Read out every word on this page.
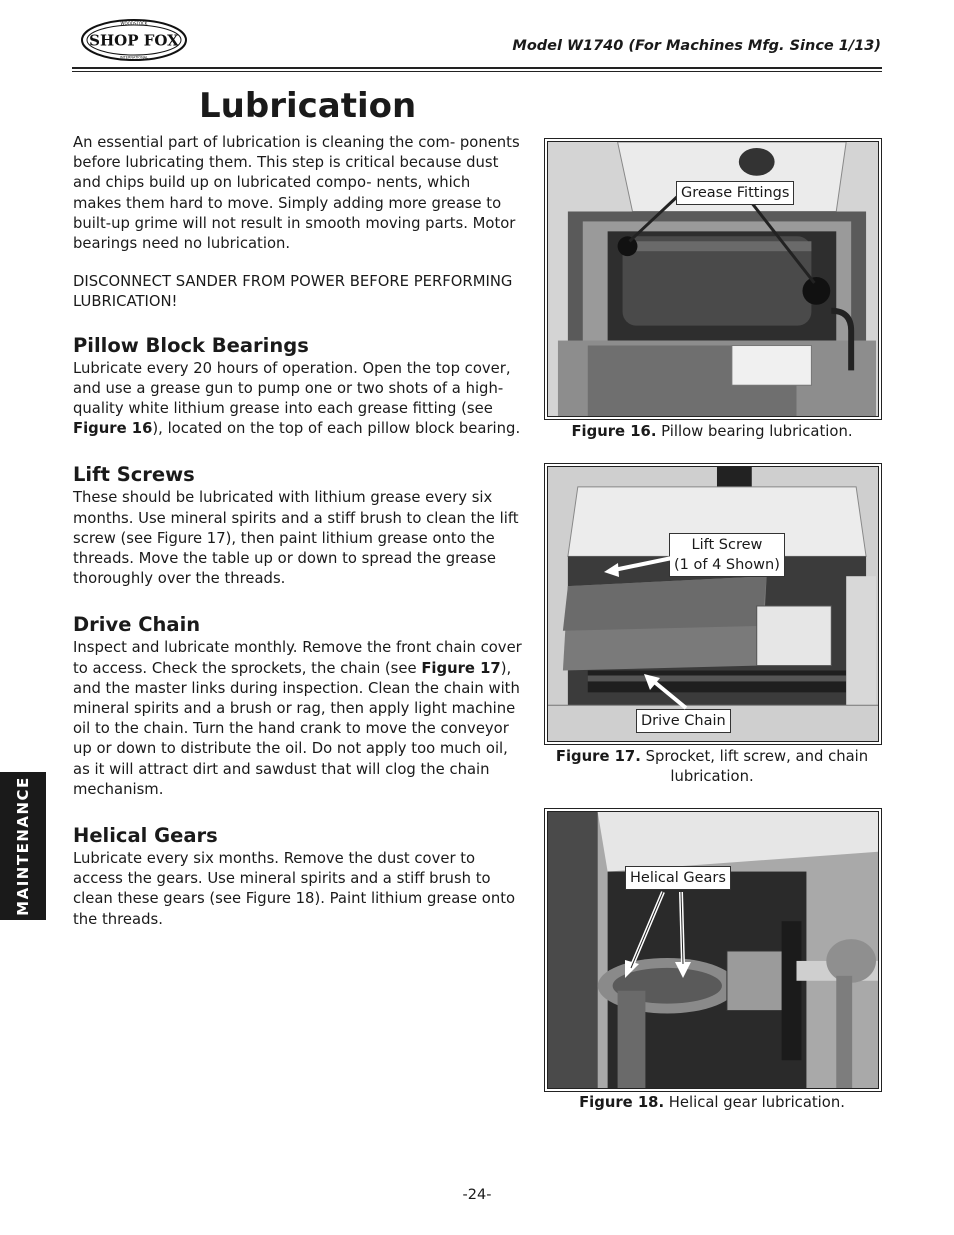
SHOP FOX
WOODSTOCK
INTERNATIONAL
Model W1740 (For Machines Mfg. Since 1/13)
Lubrication

An essential part of lubrication is cleaning the com- ponents before lubricating them. This step is critical because dust and chips build up on lubricated compo- nents, which makes them hard to move. Simply adding more grease to built-up grime will not result in smooth moving parts. Motor bearings need no lubrication.

DISCONNECT SANDER FROM POWER BEFORE PERFORMING LUBRICATION!

Pillow Block Bearings

Lubricate every 20 hours of operation. Open the top cover, and use a grease gun to pump one or two shots of a high-quality white lithium grease into each grease fitting (see Figure 16), located on the top of each pillow block bearing.

Lift Screws

These should be lubricated with lithium grease every six months. Use mineral spirits and a stiff brush to clean the lift screw (see Figure 17), then paint lithium grease onto the threads. Move the table up or down to spread the grease thoroughly over the threads.

Drive Chain

Inspect and lubricate monthly. Remove the front chain cover to access. Check the sprockets, the chain (see Figure 17), and the master links during inspection. Clean the chain with mineral spirits and a brush or rag, then apply light machine oil to the chain. Turn the hand crank to move the conveyor up or down to distribute the oil. Do not apply too much oil, as it will attract dirt and sawdust that will clog the chain mechanism.

Helical Gears

Lubricate every six months. Remove the dust cover to access the gears. Use mineral spirits and a stiff brush to clean these gears (see Figure 18). Paint lithium grease onto the threads.

MAINTENANCE
Grease Fittings
Figure 16. Pillow bearing lubrication.
Lift Screw
(1 of 4 Shown)
Drive Chain
Figure 17. Sprocket, lift screw, and chain lubrication.
Helical Gears
Figure 18. Helical gear lubrication.
-24-
